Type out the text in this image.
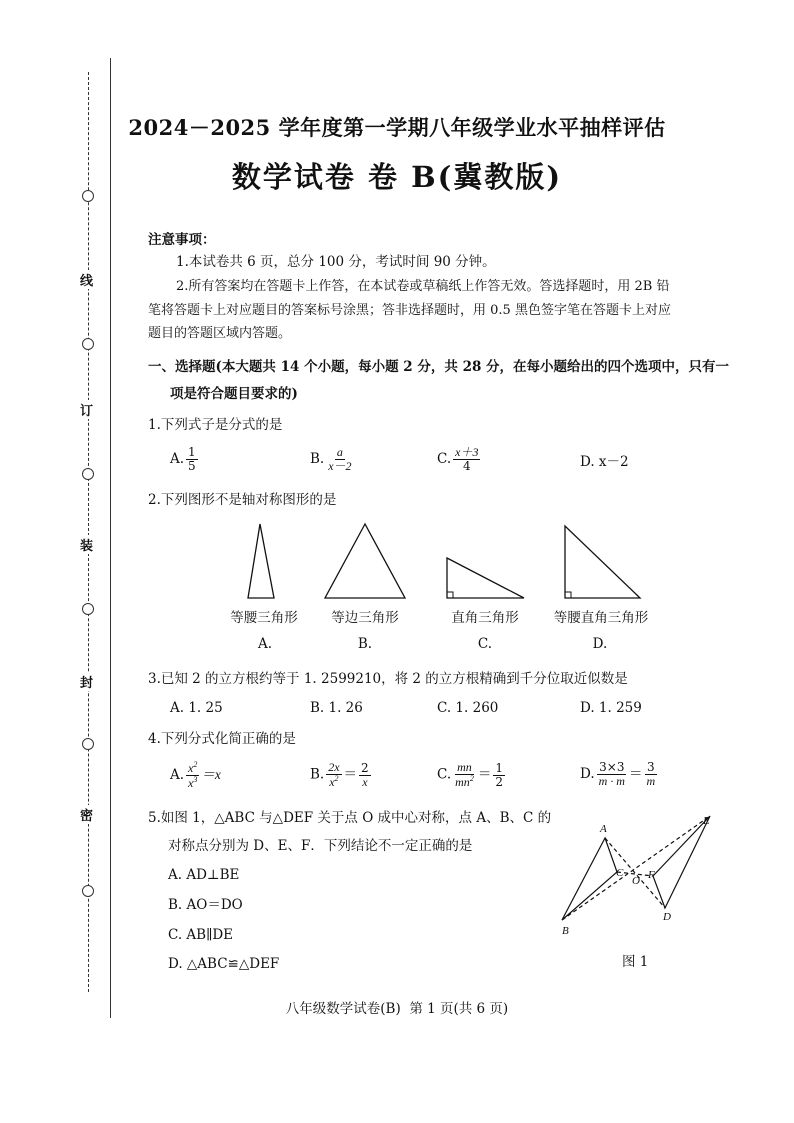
线
订
装
封
密
2024－2025 学年度第一学期八年级学业水平抽样评估
数学试卷 卷 B(冀教版)
注意事项：
1.本试卷共 6 页，总分 100 分，考试时间 90 分钟。
2.所有答案均在答题卡上作答，在本试卷或草稿纸上作答无效。答选择题时，用 2B 铅
笔将答题卡上对应题目的答案标号涂黑；答非选择题时，用 0.5 黑色签字笔在答题卡上对应
题目的答题区域内答题。
一、选择题(本大题共 14 个小题，每小题 2 分，共 28 分，在每小题给出的四个选项中，只有一
项是符合题目要求的)
1.下列式子是分式的是
A. $\frac{1}{5}$	B. $\frac{a}{x-2}$	C. $\frac{x+3}{4}$	D. x－2
2.下列图形不是轴对称图形的是
等腰三角形	等边三角形	直角三角形	等腰直角三角形
A.	B.	C.	D.
3.已知 2 的立方根约等于 1. 2599210，将 2 的立方根精确到千分位取近似数是
A. 1. 25	B. 1. 26	C. 1. 260	D. 1. 259
4.下列分式化简正确的是
A. $\frac{x^2}{x^3} =x$	B. $\frac{2x}{x^2} = \frac{2}{x}$	C. $\frac{mn}{mn^2} = \frac{1}{2}$	D. $\frac{3\times 3}{m \cdot m} = \frac{3}{m}$
5.如图 1，△ABC 与△DEF 关于点 O 成中心对称，点 A、B、C 的
对称点分别为 D、E、F．下列结论不一定正确的是
A. AD⊥BE
B. AO＝DO
C. AB∥DE
D. △ABC≌△DEF
A
B
C
O
D
E
F
图 1
八年级数学试卷(B)  第 1 页(共 6 页)
